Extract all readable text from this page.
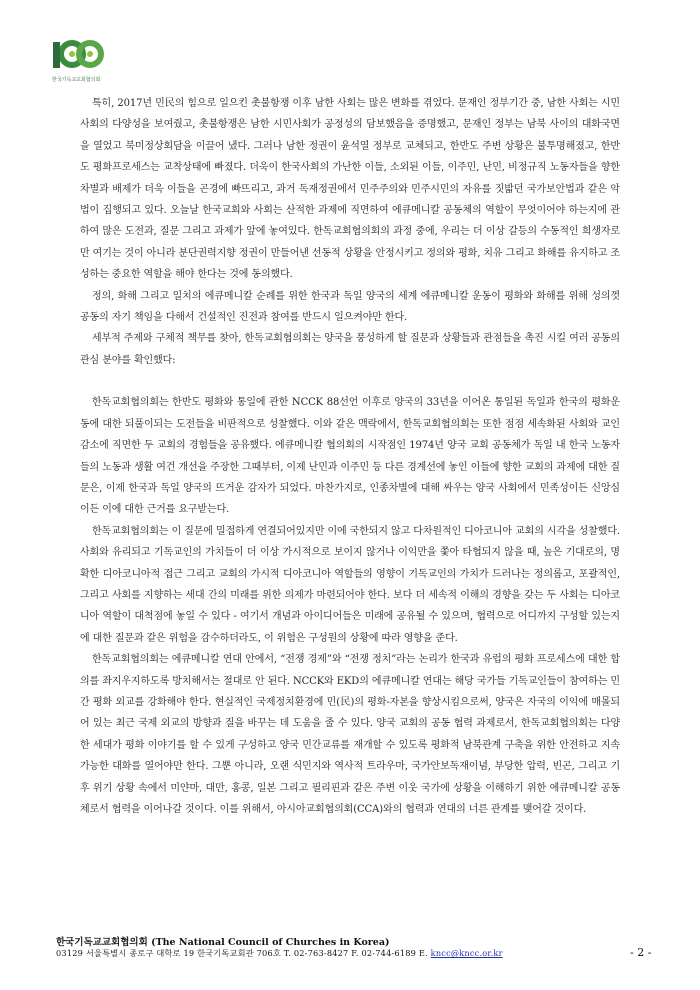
한국기독교교회협의회

특히, 2017년 민民의 힘으로 일으킨 촛불항쟁 이후 남한 사회는 많은 변화를 겪었다. 문재인 정부기간 중, 남한 사회는 시민사회의 다양성을 보여줬고, 촛불항쟁은 남한 시민사회가 공정성의 담보했음을 증명했고, 문재인 정부는 남북 사이의 대화국면을 열었고 북미정상회담을 이끌어 냈다. 그러나 남한 정권이 윤석열 정부로 교체되고, 한반도 주변 상황은 불투명해졌고, 한반도 평화프로세스는 교착상태에 빠졌다. 더욱이 한국사회의 가난한 이들, 소외된 이들, 이주민, 난민, 비정규직 노동자들을 향한 차별과 배제가 더욱 이들을 곤경에 빠뜨리고, 과거 독재정권에서 민주주의와 민주시민의 자유를 짓밟던 국가보안법과 같은 악법이 집행되고 있다. 오늘날 한국교회와 사회는 산적한 과제에 직면하여 에큐메니칼 공동체의 역할이 무엇이어야 하는지에 관하여 많은 도전과, 질문 그리고 과제가 앞에 놓여있다. 한독교회협의회의 과정 중에, 우리는 더 이상 갈등의 수동적인 희생자로만 여기는 것이 아니라 분단권력지향 정권이 만들어낸 선동적 상황을 안정시키고 정의와 평화, 치유 그리고 화해를 유지하고 조성하는 중요한 역할을 해야 한다는 것에 동의했다.

정의, 화해 그리고 일치의 에큐메니칼 순례를 위한 한국과 독일 양국의 세계 에큐메니칼 운동이 평화와 화해를 위해 성의껏 공동의 자기 책임을 다해서 건설적인 진전과 참여를 반드시 일으켜야만 한다.

세부적 주제와 구체적 책무를 찾아, 한독교회협의회는 양국을 풍성하게 할 질문과 상황들과 관점들을 촉진 시킬 여러 공동의 관심 분야를 확인했다:

한독교회협의회는 한반도 평화와 통일에 관한 NCCK 88선언 이후로 양국의 33년을 이어온 통일된 독일과 한국의 평화운동에 대한 되풀이되는 도전들을 비판적으로 성찰했다. 이와 같은 맥락에서, 한독교회협의회는 또한 점점 세속화된 사회와 교인감소에 직면한 두 교회의 경험들을 공유했다. 에큐메니칼 협의회의 시작점인 1974년 양국 교회 공동체가 독일 내 한국 노동자들의 노동과 생활 여건 개선을 주장한 그때부터, 이제 난민과 이주민 등 다른 경계선에 놓인 이들에 향한 교회의 과제에 대한 질문은, 이제 한국과 독일 양국의 뜨거운 감자가 되었다. 마찬가지로, 인종차별에 대해 싸우는 양국 사회에서 민족성이든 신앙심이든 이에 대한 근거를 요구받는다.

한독교회협의회는 이 질문에 밀접하게 연결되어있지만 이에 국한되지 않고 다차원적인 디아코니아 교회의 시각을 성찰했다. 사회와 유리되고 기독교인의 가치들이 더 이상 가시적으로 보이지 않거나 이익만을 쫓아 타협되지 않을 때, 높은 기대로의, 명확한 디아코니아적 접근 그리고 교회의 가시적 디아코니아 역할들의 영향이 기독교인의 가치가 드러나는 정의롭고, 포괄적인, 그리고 사회를 지향하는 세대 간의 미래를 위한 의제가 마련되어야 한다. 보다 더 세속적 이해의 경향을 갖는 두 사회는 디아코니아 역할이 대척점에 놓일 수 있다 - 여기서 개념과 아이디어들은 미래에 공유될 수 있으며, 협력으로 어디까지 구성할 있는지에 대한 질문과 같은 위험을 감수하더라도, 이 위험은 구성원의 상황에 따라 영향을 준다.

한독교회협의회는 에큐메니칼 연대 안에서, “전쟁 경제”와 “전쟁 정치”라는 논리가 한국과 유럽의 평화 프로세스에 대한 합의를 좌지우지하도록 방치해서는 절대로 안 된다. NCCK와 EKD의 에큐메니칼 연대는 해당 국가들 기독교인들이 참여하는 민간 평화 외교를 강화해야 한다. 현실적인 국제정치환경에 민(民)의 평화-자본을 향상시킴으로써, 양국은 자국의 이익에 매몰되어 있는 최근 국제 외교의 방향과 질을 바꾸는 데 도움을 줄 수 있다. 양국 교회의 공동 협력 과제로서, 한독교회협의회는 다양한 세대가 평화 이야기를 할 수 있게 구성하고 양국 민간교류를 재개할 수 있도록 평화적 남북관계 구축을 위한 안전하고 지속가능한 대화를 열어야만 한다. 그뿐 아니라, 오랜 식민지와 역사적 트라우마, 국가안보독재이념, 부당한 압력, 빈곤, 그리고 기후 위기 상황 속에서 미얀마, 대만, 홍콩, 일본 그리고 필리핀과 같은 주변 이웃 국가에 상황을 이해하기 위한 에큐메니칼 공동체로서 협력을 이어나갈 것이다. 이를 위해서, 아시아교회협의회(CCA)와의 협력과 연대의 너른 관계를 맺어갈 것이다.

한국기독교교회협의회 (The National Council of Churches in Korea)
03129 서울특별시 종로구 대학로 19 한국기독교회관 706호 T. 02-763-8427 F. 02-744-6189 E. kncc@kncc.or.kr	- 2 -
